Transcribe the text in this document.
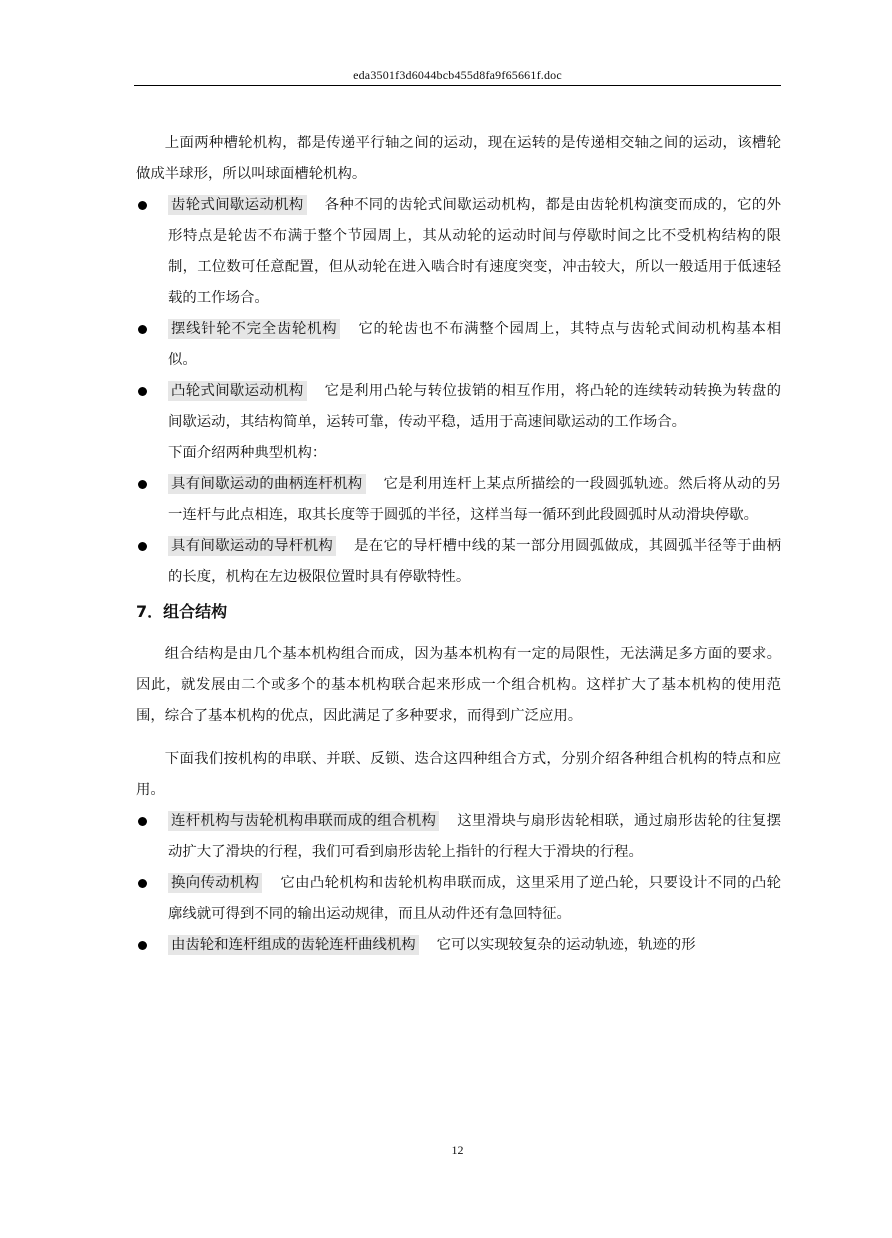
eda3501f3d6044bcb455d8fa9f65661f.doc

上面两种槽轮机构，都是传递平行轴之间的运动，现在运转的是传递相交轴之间的运动，该槽轮做成半球形，所以叫球面槽轮机构。

齿轮式间歇运动机构 各种不同的齿轮式间歇运动机构，都是由齿轮机构演变而成的，它的外形特点是轮齿不布满于整个节园周上，其从动轮的运动时间与停歇时间之比不受机构结构的限制，工位数可任意配置，但从动轮在进入啮合时有速度突变，冲击较大，所以一般适用于低速轻载的工作场合。
摆线针轮不完全齿轮机构 它的轮齿也不布满整个园周上，其特点与齿轮式间动机构基本相似。
凸轮式间歇运动机构 它是利用凸轮与转位拔销的相互作用，将凸轮的连续转动转换为转盘的间歇运动，其结构简单，运转可靠，传动平稳，适用于高速间歇运动的工作场合。

下面介绍两种典型机构：

具有间歇运动的曲柄连杆机构 它是利用连杆上某点所描绘的一段圆弧轨迹。然后将从动的另一连杆与此点相连，取其长度等于圆弧的半径，这样当每一循环到此段圆弧时从动滑块停歇。
具有间歇运动的导杆机构 是在它的导杆槽中线的某一部分用圆弧做成，其圆弧半径等于曲柄的长度，机构在左边极限位置时具有停歇特性。
7．组合结构

组合结构是由几个基本机构组合而成，因为基本机构有一定的局限性，无法满足多方面的要求。因此，就发展由二个或多个的基本机构联合起来形成一个组合机构。这样扩大了基本机构的使用范围，综合了基本机构的优点，因此满足了多种要求，而得到广泛应用。

下面我们按机构的串联、并联、反锁、迭合这四种组合方式，分别介绍各种组合机构的特点和应用。

连杆机构与齿轮机构串联而成的组合机构 这里滑块与扇形齿轮相联，通过扇形齿轮的往复摆动扩大了滑块的行程，我们可看到扇形齿轮上指针的行程大于滑块的行程。
换向传动机构 它由凸轮机构和齿轮机构串联而成，这里采用了逆凸轮，只要设计不同的凸轮廓线就可得到不同的输出运动规律，而且从动件还有急回特征。
由齿轮和连杆组成的齿轮连杆曲线机构 它可以实现较复杂的运动轨迹，轨迹的形
12
